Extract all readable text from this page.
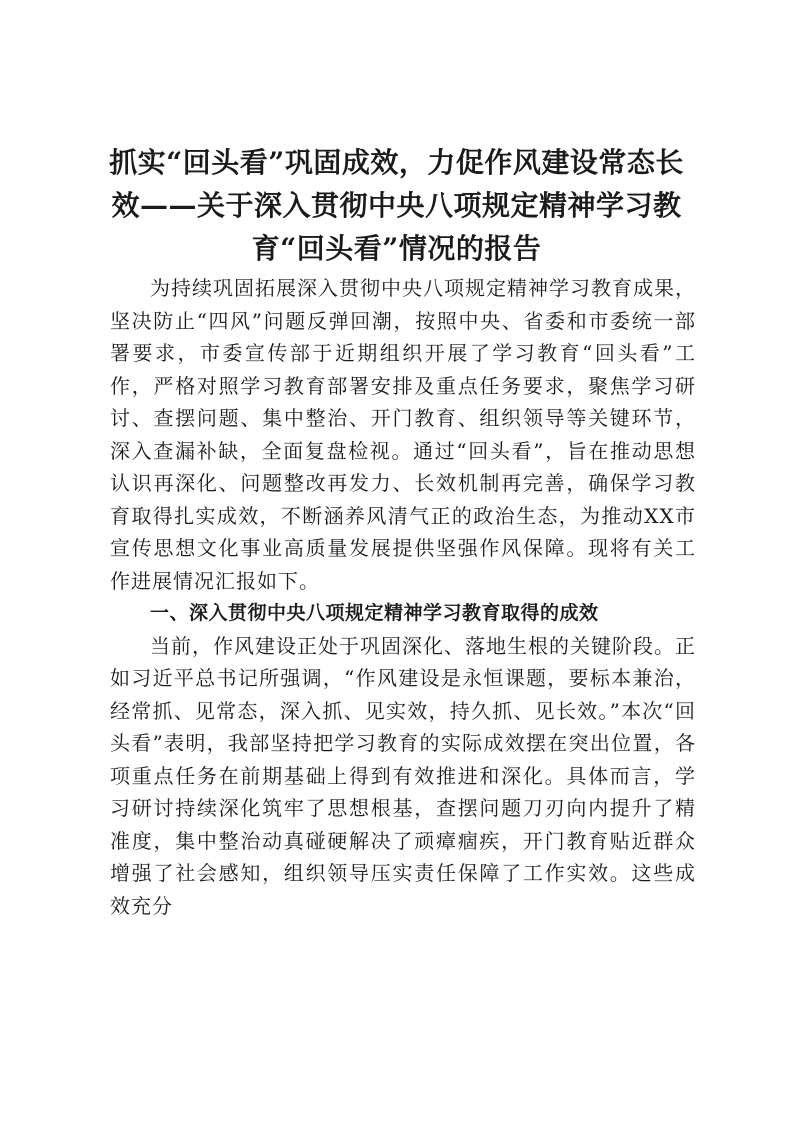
抓实“回头看”巩固成效，力促作风建设常态长效——关于深入贯彻中央八项规定精神学习教育“回头看”情况的报告

为持续巩固拓展深入贯彻中央八项规定精神学习教育成果，坚决防止“四风”问题反弹回潮，按照中央、省委和市委统一部署要求，市委宣传部于近期组织开展了学习教育“回头看”工作，严格对照学习教育部署安排及重点任务要求，聚焦学习研讨、查摆问题、集中整治、开门教育、组织领导等关键环节，深入查漏补缺，全面复盘检视。通过“回头看”，旨在推动思想认识再深化、问题整改再发力、长效机制再完善，确保学习教育取得扎实成效，不断涵养风清气正的政治生态，为推动XX市宣传思想文化事业高质量发展提供坚强作风保障。现将有关工作进展情况汇报如下。

一、深入贯彻中央八项规定精神学习教育取得的成效

当前，作风建设正处于巩固深化、落地生根的关键阶段。正如习近平总书记所强调，“作风建设是永恒课题，要标本兼治，经常抓、见常态，深入抓、见实效，持久抓、见长效。”本次“回头看”表明，我部坚持把学习教育的实际成效摆在突出位置，各项重点任务在前期基础上得到有效推进和深化。具体而言，学习研讨持续深化筑牢了思想根基，查摆问题刀刃向内提升了精准度，集中整治动真碰硬解决了顽瘴痼疾，开门教育贴近群众增强了社会感知，组织领导压实责任保障了工作实效。这些成效充分
